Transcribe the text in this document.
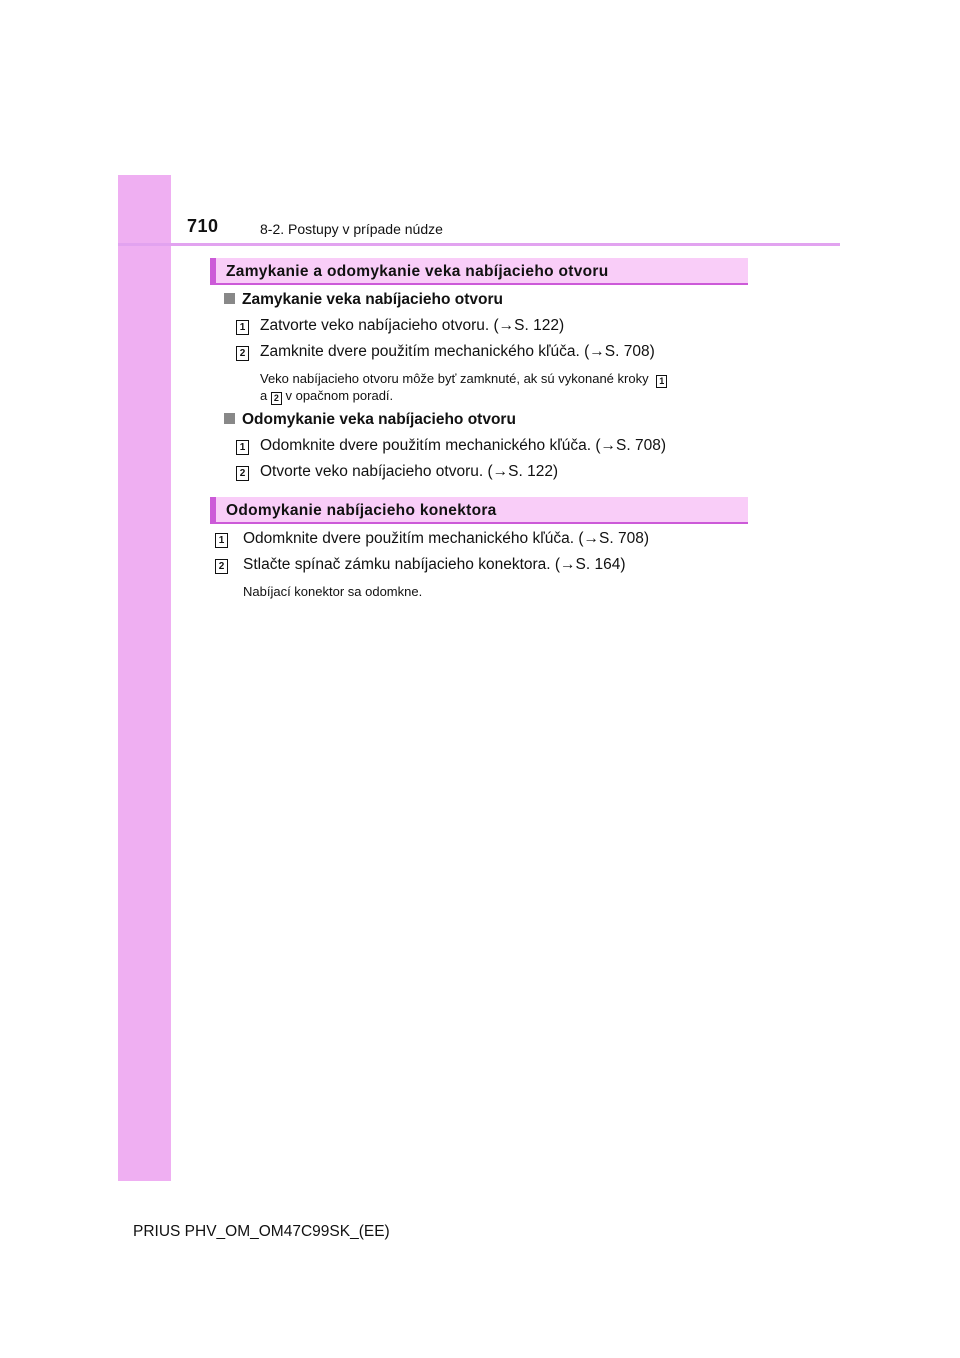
710	8-2. Postupy v prípade núdze
Zamykanie a odomykanie veka nabíjacieho otvoru
Zamykanie veka nabíjacieho otvoru
1 Zatvorte veko nabíjacieho otvoru. (→S. 122)
2 Zamknite dvere použitím mechanického kľúča. (→S. 708)
Veko nabíjacieho otvoru môže byť zamknuté, ak sú vykonané kroky 1
a 2 v opačnom poradí.
Odomykanie veka nabíjacieho otvoru
1 Odomknite dvere použitím mechanického kľúča. (→S. 708)
2 Otvorte veko nabíjacieho otvoru. (→S. 122)
Odomykanie nabíjacieho konektora
1 Odomknite dvere použitím mechanického kľúča. (→S. 708)
2 Stlačte spínač zámku nabíjacieho konektora. (→S. 164)
Nabíjací konektor sa odomkne.
PRIUS PHV_OM_OM47C99SK_(EE)
